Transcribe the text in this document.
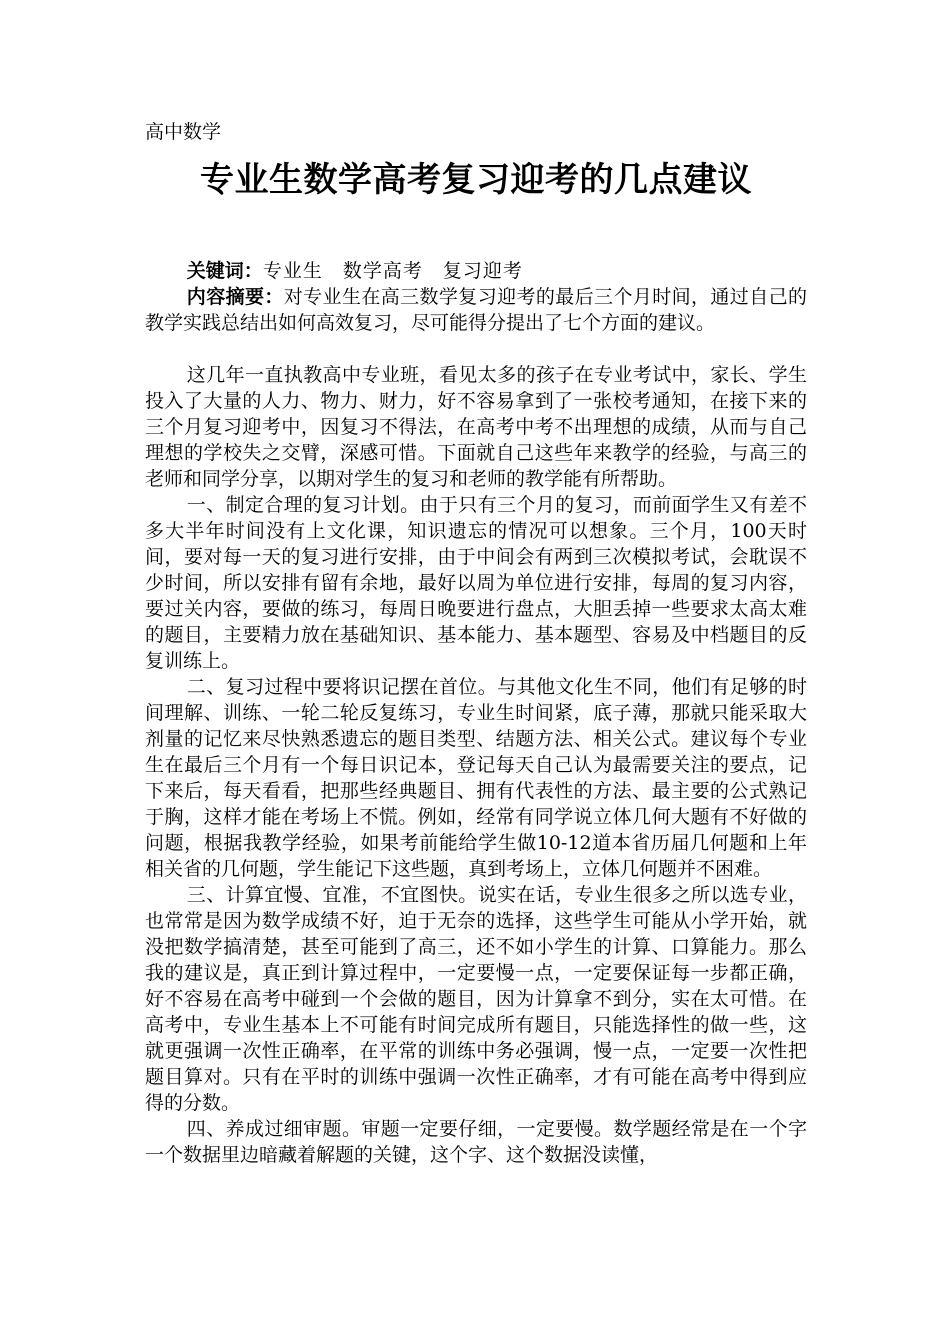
高中数学

专业生数学高考复习迎考的几点建议

关键词：专业生　数学高考　复习迎考

内容摘要：对专业生在高三数学复习迎考的最后三个月时间，通过自己的教学实践总结出如何高效复习，尽可能得分提出了七个方面的建议。

这几年一直执教高中专业班，看见太多的孩子在专业考试中，家长、学生投入了大量的人力、物力、财力，好不容易拿到了一张校考通知，在接下来的三个月复习迎考中，因复习不得法，在高考中考不出理想的成绩，从而与自己理想的学校失之交臂，深感可惜。下面就自己这些年来教学的经验，与高三的老师和同学分享，以期对学生的复习和老师的教学能有所帮助。

一、制定合理的复习计划。由于只有三个月的复习，而前面学生又有差不多大半年时间没有上文化课，知识遗忘的情况可以想象。三个月，100天时间，要对每一天的复习进行安排，由于中间会有两到三次模拟考试，会耽误不少时间，所以安排有留有余地，最好以周为单位进行安排，每周的复习内容，要过关内容，要做的练习，每周日晚要进行盘点，大胆丢掉一些要求太高太难的题目，主要精力放在基础知识、基本能力、基本题型、容易及中档题目的反复训练上。

二、复习过程中要将识记摆在首位。与其他文化生不同，他们有足够的时间理解、训练、一轮二轮反复练习，专业生时间紧，底子薄，那就只能采取大剂量的记忆来尽快熟悉遗忘的题目类型、结题方法、相关公式。建议每个专业生在最后三个月有一个每日识记本，登记每天自己认为最需要关注的要点，记下来后，每天看看，把那些经典题目、拥有代表性的方法、最主要的公式熟记于胸，这样才能在考场上不慌。例如，经常有同学说立体几何大题有不好做的问题，根据我教学经验，如果考前能给学生做10-12道本省历届几何题和上年相关省的几何题，学生能记下这些题，真到考场上，立体几何题并不困难。

三、计算宜慢、宜准，不宜图快。说实在话，专业生很多之所以选专业，也常常是因为数学成绩不好，迫于无奈的选择，这些学生可能从小学开始，就没把数学搞清楚，甚至可能到了高三，还不如小学生的计算、口算能力。那么我的建议是，真正到计算过程中，一定要慢一点，一定要保证每一步都正确，好不容易在高考中碰到一个会做的题目，因为计算拿不到分，实在太可惜。在高考中，专业生基本上不可能有时间完成所有题目，只能选择性的做一些，这就更强调一次性正确率，在平常的训练中务必强调，慢一点，一定要一次性把题目算对。只有在平时的训练中强调一次性正确率，才有可能在高考中得到应得的分数。

四、养成过细审题。审题一定要仔细，一定要慢。数学题经常是在一个字一个数据里边暗藏着解题的关键，这个字、这个数据没读懂，
